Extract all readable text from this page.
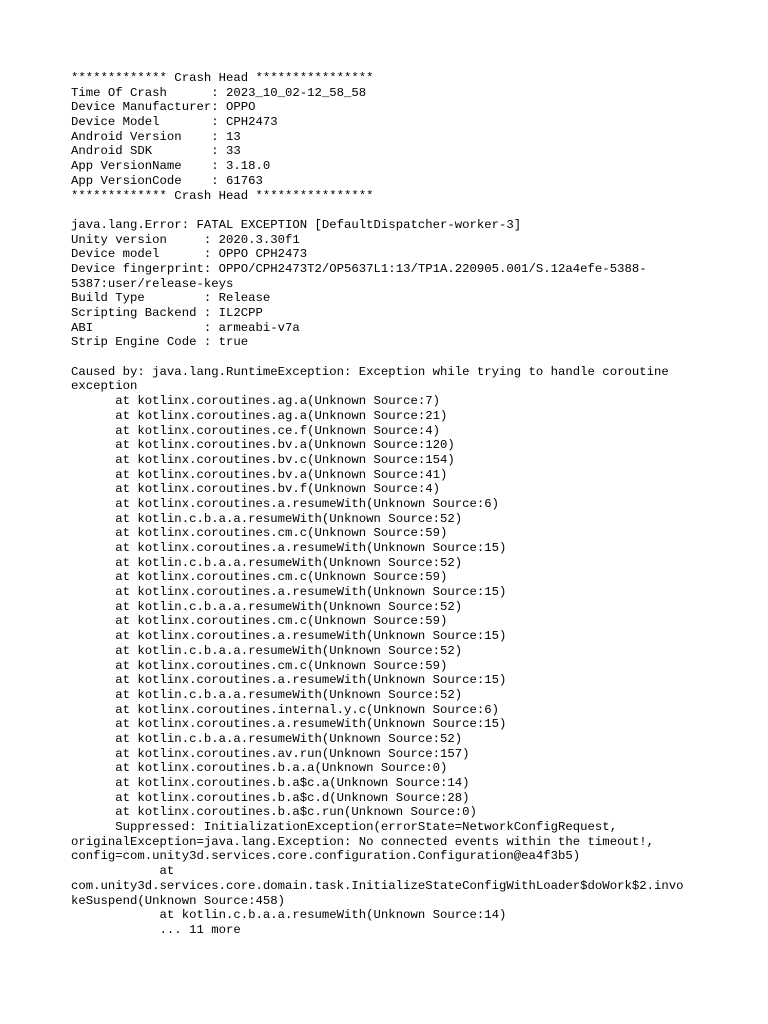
************* Crash Head ****************
Time Of Crash      : 2023_10_02-12_58_58
Device Manufacturer: OPPO
Device Model       : CPH2473
Android Version    : 13
Android SDK        : 33
App VersionName    : 3.18.0
App VersionCode    : 61763
************* Crash Head ****************
java.lang.Error: FATAL EXCEPTION [DefaultDispatcher-worker-3]
Unity version     : 2020.3.30f1
Device model      : OPPO CPH2473
Device fingerprint: OPPO/CPH2473T2/OP5637L1:13/TP1A.220905.001/S.12a4efe-5388-
5387:user/release-keys
Build Type        : Release
Scripting Backend : IL2CPP
ABI               : armeabi-v7a
Strip Engine Code : true
Caused by: java.lang.RuntimeException: Exception while trying to handle coroutine
exception
at kotlinx.coroutines.ag.a(Unknown Source:7)
at kotlinx.coroutines.ag.a(Unknown Source:21)
at kotlinx.coroutines.ce.f(Unknown Source:4)
at kotlinx.coroutines.bv.a(Unknown Source:120)
at kotlinx.coroutines.bv.c(Unknown Source:154)
at kotlinx.coroutines.bv.a(Unknown Source:41)
at kotlinx.coroutines.bv.f(Unknown Source:4)
at kotlinx.coroutines.a.resumeWith(Unknown Source:6)
at kotlin.c.b.a.a.resumeWith(Unknown Source:52)
at kotlinx.coroutines.cm.c(Unknown Source:59)
at kotlinx.coroutines.a.resumeWith(Unknown Source:15)
at kotlin.c.b.a.a.resumeWith(Unknown Source:52)
at kotlinx.coroutines.cm.c(Unknown Source:59)
at kotlinx.coroutines.a.resumeWith(Unknown Source:15)
at kotlin.c.b.a.a.resumeWith(Unknown Source:52)
at kotlinx.coroutines.cm.c(Unknown Source:59)
at kotlinx.coroutines.a.resumeWith(Unknown Source:15)
at kotlin.c.b.a.a.resumeWith(Unknown Source:52)
at kotlinx.coroutines.cm.c(Unknown Source:59)
at kotlinx.coroutines.a.resumeWith(Unknown Source:15)
at kotlin.c.b.a.a.resumeWith(Unknown Source:52)
at kotlinx.coroutines.internal.y.c(Unknown Source:6)
at kotlinx.coroutines.a.resumeWith(Unknown Source:15)
at kotlin.c.b.a.a.resumeWith(Unknown Source:52)
at kotlinx.coroutines.av.run(Unknown Source:157)
at kotlinx.coroutines.b.a.a(Unknown Source:0)
at kotlinx.coroutines.b.a$c.a(Unknown Source:14)
at kotlinx.coroutines.b.a$c.d(Unknown Source:28)
at kotlinx.coroutines.b.a$c.run(Unknown Source:0)
Suppressed: InitializationException(errorState=NetworkConfigRequest,
originalException=java.lang.Exception: No connected events within the timeout!,
config=com.unity3d.services.core.configuration.Configuration@ea4f3b5)
at
com.unity3d.services.core.domain.task.InitializeStateConfigWithLoader$doWork$2.invo
keSuspend(Unknown Source:458)
at kotlin.c.b.a.a.resumeWith(Unknown Source:14)
... 11 more
